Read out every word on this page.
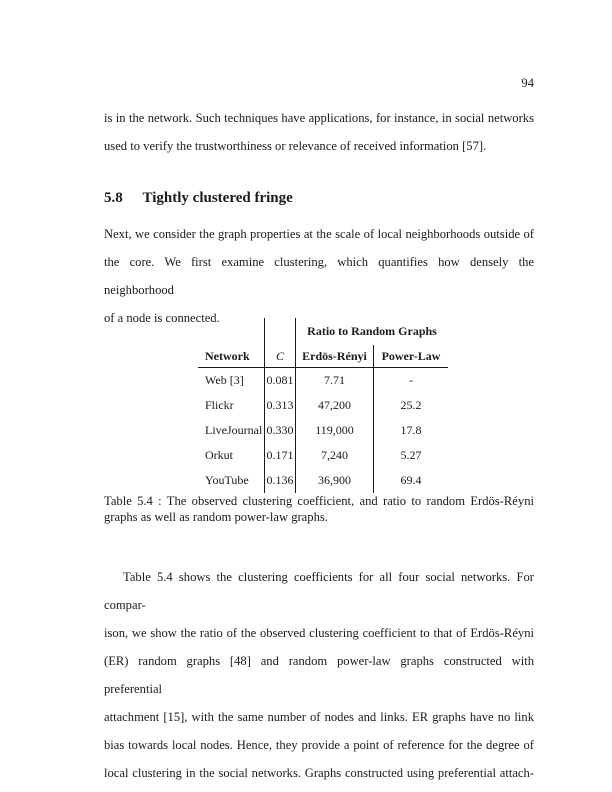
94
is in the network. Such techniques have applications, for instance, in social networks
used to verify the trustworthiness or relevance of received information [57].
5.8 Tightly clustered fringe
Next, we consider the graph properties at the scale of local neighborhoods outside of
the core. We first examine clustering, which quantifies how densely the neighborhood
of a node is connected.
Ratio to Random Graphs
Network	C	Erdös-Rényi	Power-Law
Web [3]	0.081	7.71	-
Flickr	0.313	47,200	25.2
LiveJournal 0.330	119,000	17.8
Orkut	0.171	7,240	5.27
YouTube	0.136	36,900	69.4
Table 5.4 : The observed clustering coefficient, and ratio to random Erdös-Réyni
graphs as well as random power-law graphs.
Table 5.4 shows the clustering coefficients for all four social networks. For compar-
ison, we show the ratio of the observed clustering coefficient to that of Erdös-Réyni
(ER) random graphs [48] and random power-law graphs constructed with preferential
attachment [15], with the same number of nodes and links. ER graphs have no link
bias towards local nodes. Hence, they provide a point of reference for the degree of
local clustering in the social networks. Graphs constructed using preferential attach-
